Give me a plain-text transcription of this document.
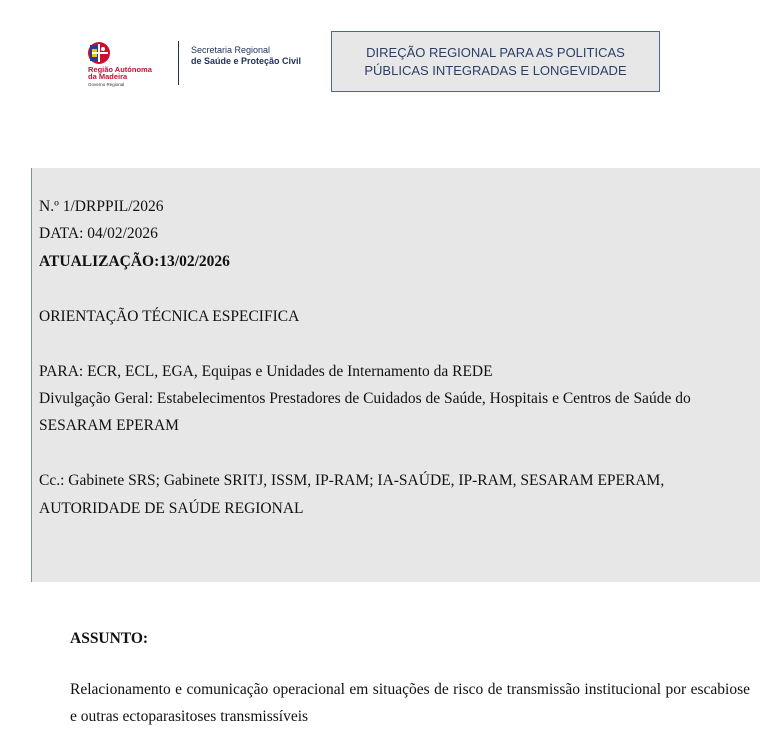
Região Autónoma
da Madeira
Governo Regional
Secretaria Regional
de Saúde e Proteção Civil
DIREÇÃO REGIONAL PARA AS POLITICAS
PÚBLICAS INTEGRADAS E LONGEVIDADE
N.º 1/DRPPIL/2026
DATA: 04/02/2026
ATUALIZAÇÃO:13/02/2026
ORIENTAÇÃO TÉCNICA ESPECIFICA
PARA: ECR, ECL, EGA, Equipas e Unidades de Internamento da REDE
Divulgação Geral: Estabelecimentos Prestadores de Cuidados de Saúde, Hospitais e Centros de Saúde do
SESARAM EPERAM
Cc.: Gabinete SRS; Gabinete SRITJ, ISSM, IP-RAM; IA-SAÚDE, IP-RAM, SESARAM EPERAM,
AUTORIDADE DE SAÚDE REGIONAL
ASSUNTO:
Relacionamento e comunicação operacional em situações de risco de transmissão institucional por escabiose e outras ectoparasitoses transmissíveis
